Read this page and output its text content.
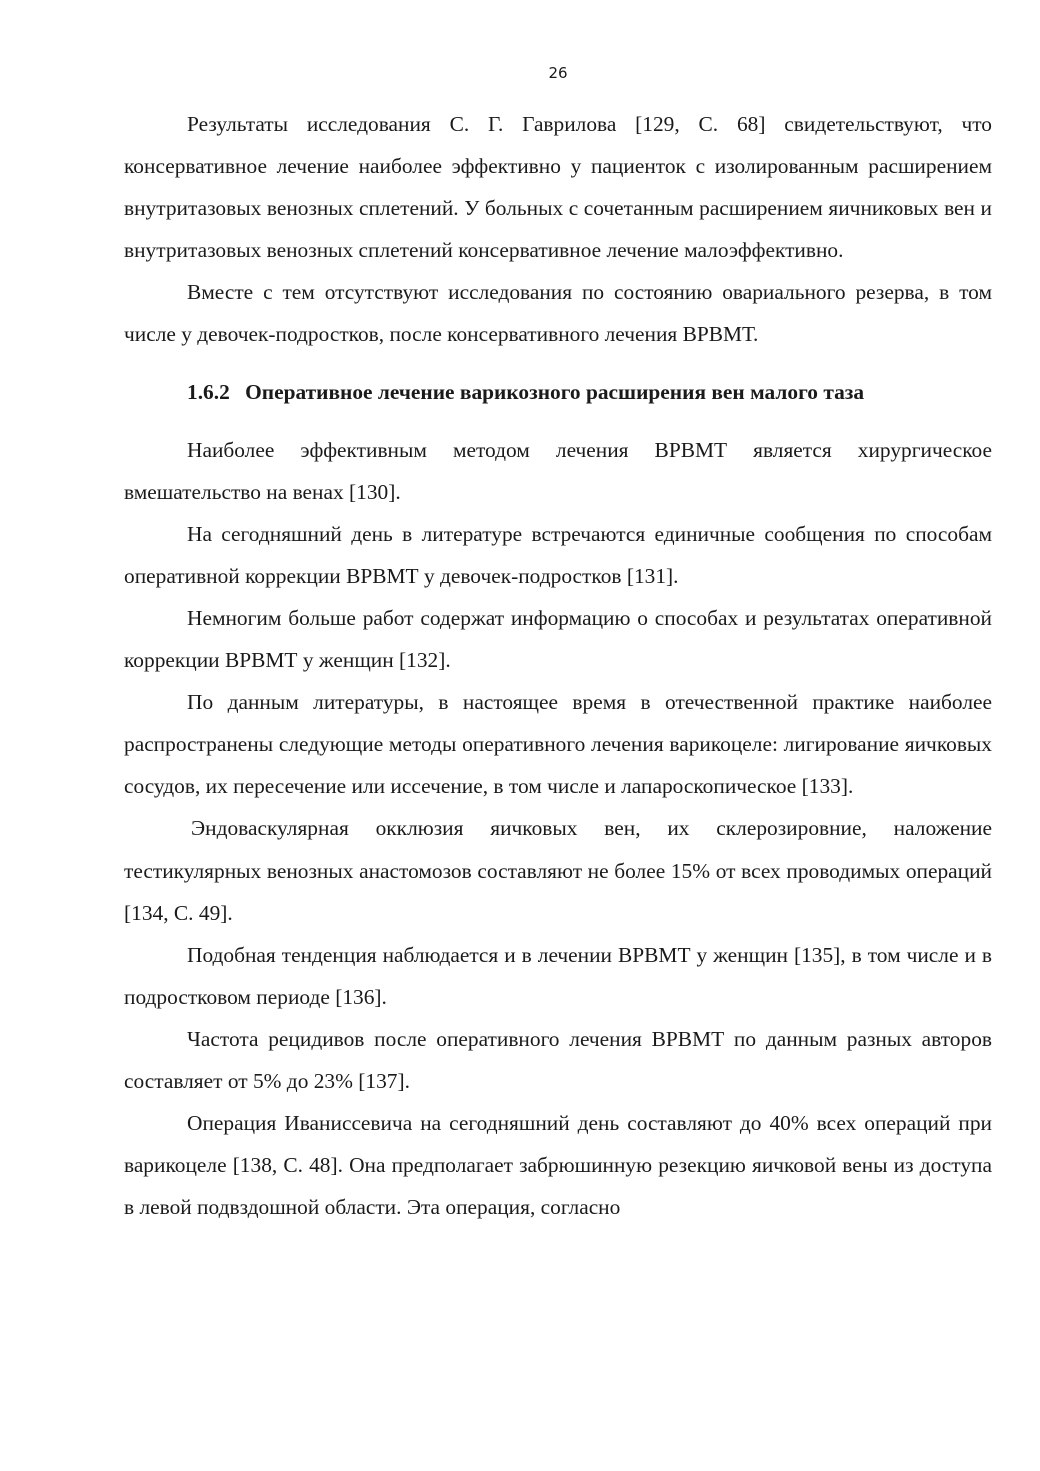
26

Результаты исследования С. Г. Гаврилова [129, С. 68] свидетельствуют, что консервативное лечение наиболее эффективно у пациенток с изолированным расширением внутритазовых венозных сплетений. У больных с сочетанным расширением яичниковых вен и внутритазовых венозных сплетений консервативное лечение малоэффективно.

Вместе с тем отсутствуют исследования по состоянию овариального резерва, в том числе у девочек-подростков, после консервативного лечения ВРВМТ.

1.6.2 Оперативное лечение варикозного расширения вен малого таза

Наиболее эффективным методом лечения ВРВМТ является хирургическое вмешательство на венах [130].

На сегодняшний день в литературе встречаются единичные сообщения по способам оперативной коррекции ВРВМТ у девочек-подростков [131].

Немногим больше работ содержат информацию о способах и результатах оперативной коррекции ВРВМТ у женщин [132].

По данным литературы, в настоящее время в отечественной практике наиболее распространены следующие методы оперативного лечения варикоцеле: лигирование яичковых сосудов, их пересечение или иссечение, в том числе и лапароскопическое [133].

Эндоваскулярная окклюзия яичковых вен, их склерозировние, наложение тестикулярных венозных анастомозов составляют не более 15% от всех проводимых операций [134, С. 49].

Подобная тенденция наблюдается и в лечении ВРВМТ у женщин [135], в том числе и в подростковом периоде [136].

Частота рецидивов после оперативного лечения ВРВМТ по данным разных авторов составляет от 5% до 23% [137].

Операция Иванисcевича на сегодняшний день составляют до 40% всех операций при варикоцеле [138, С. 48]. Она предполагает забрюшинную резекцию яичковой вены из доступа в левой подвздошной области. Эта операция, согласно
